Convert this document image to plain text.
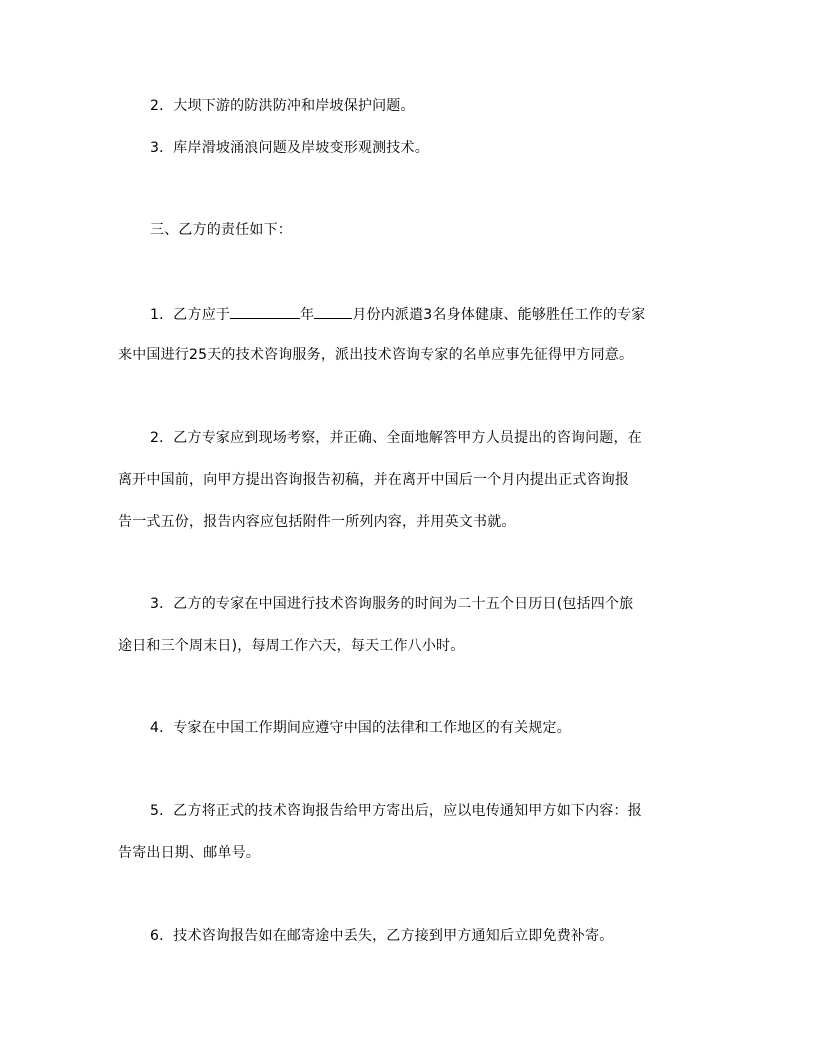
2．大坝下游的防洪防冲和岸坡保护问题。
3．库岸滑坡涌浪问题及岸坡变形观测技术。
三、乙方的责任如下：
1．乙方应于	年	月份内派遣3名身体健康、能够胜任工作的专家
来中国进行25天的技术咨询服务，派出技术咨询专家的名单应事先征得甲方同意。
2．乙方专家应到现场考察，并正确、全面地解答甲方人员提出的咨询问题，在
离开中国前，向甲方提出咨询报告初稿，并在离开中国后一个月内提出正式咨询报
告一式五份，报告内容应包括附件一所列内容，并用英文书就。
3．乙方的专家在中国进行技术咨询服务的时间为二十五个日历日(包括四个旅
途日和三个周末日)，每周工作六天，每天工作八小时。
4．专家在中国工作期间应遵守中国的法律和工作地区的有关规定。
5．乙方将正式的技术咨询报告给甲方寄出后，应以电传通知甲方如下内容：报
告寄出日期、邮单号。
6．技术咨询报告如在邮寄途中丢失，乙方接到甲方通知后立即免费补寄。
